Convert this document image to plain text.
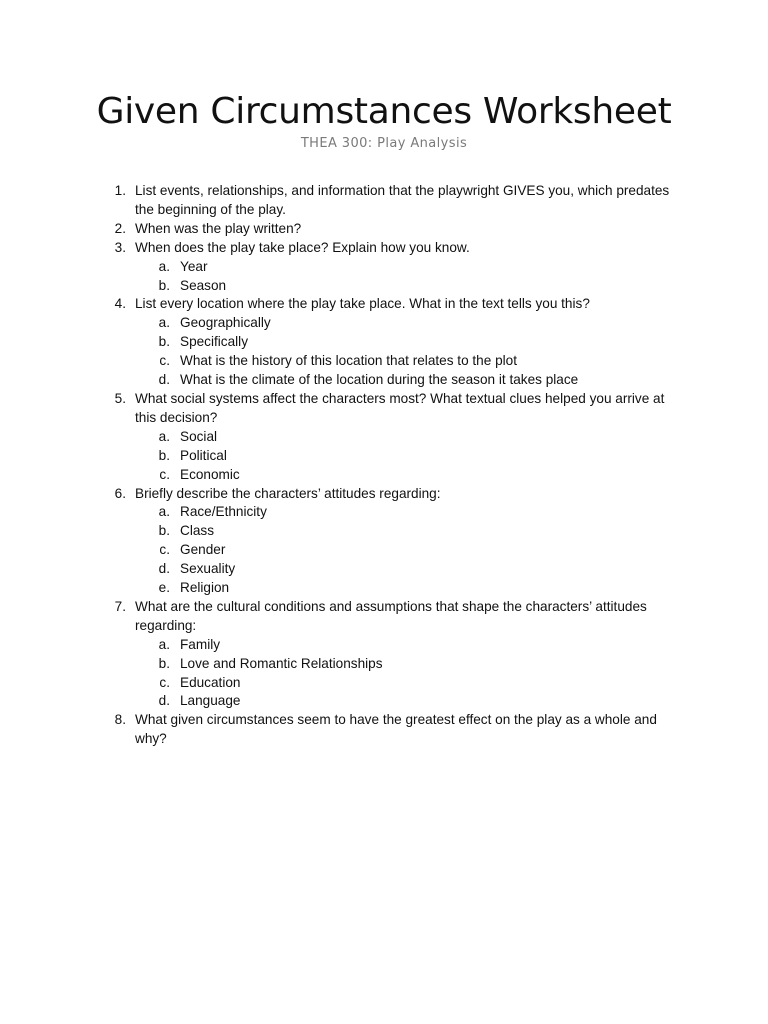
Given Circumstances Worksheet
THEA 300: Play Analysis
1. List events, relationships, and information that the playwright GIVES you, which predates the beginning of the play.
2. When was the play written?
3. When does the play take place? Explain how you know.
a. Year
b. Season
4. List every location where the play take place. What in the text tells you this?
a. Geographically
b. Specifically
c. What is the history of this location that relates to the plot
d. What is the climate of the location during the season it takes place
5. What social systems affect the characters most? What textual clues helped you arrive at this decision?
a. Social
b. Political
c. Economic
6. Briefly describe the characters’ attitudes regarding:
a. Race/Ethnicity
b. Class
c. Gender
d. Sexuality
e. Religion
7. What are the cultural conditions and assumptions that shape the characters’ attitudes regarding:
a. Family
b. Love and Romantic Relationships
c. Education
d. Language
8. What given circumstances seem to have the greatest effect on the play as a whole and why?
